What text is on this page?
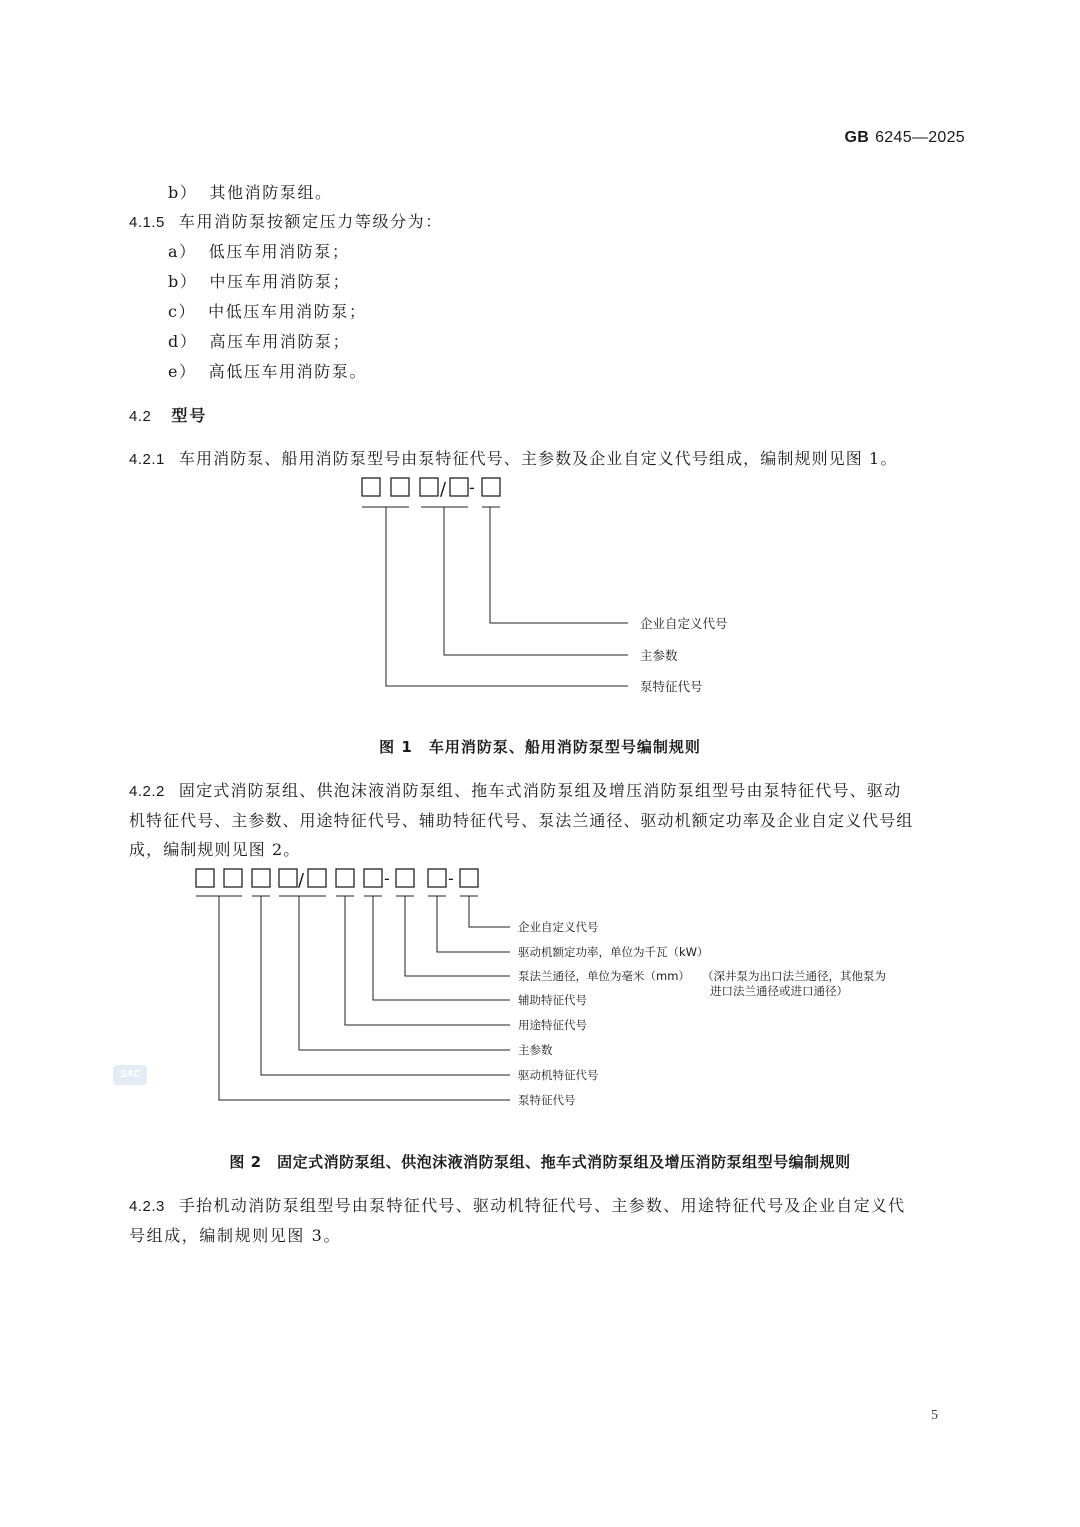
GB 6245—2025
b） 其他消防泵组。
4.1.5 车用消防泵按额定压力等级分为：
a） 低压车用消防泵；
b） 中压车用消防泵；
c） 中低压车用消防泵；
d） 高压车用消防泵；
e） 高低压车用消防泵。
4.2 型号
4.2.1 车用消防泵、船用消防泵型号由泵特征代号、主参数及企业自定义代号组成，编制规则见图 1。
/ -
企业自定义代号
主参数
泵特征代号
图 1　车用消防泵、船用消防泵型号编制规则
4.2.2 固定式消防泵组、供泡沫液消防泵组、拖车式消防泵组及增压消防泵组型号由泵特征代号、驱动
机特征代号、主参数、用途特征代号、辅助特征代号、泵法兰通径、驱动机额定功率及企业自定义代号组
成，编制规则见图 2。
/	-	-
企业自定义代号
驱动机额定功率，单位为千瓦（kW）
泵法兰通径，单位为毫米（mm） （深井泵为出口法兰通径，其他泵为
进口法兰通径或进口通径）
辅助特征代号
用途特征代号
主参数
驱动机特征代号
泵特征代号
SAC
图 2　固定式消防泵组、供泡沫液消防泵组、拖车式消防泵组及增压消防泵组型号编制规则
4.2.3 手抬机动消防泵组型号由泵特征代号、驱动机特征代号、主参数、用途特征代号及企业自定义代
号组成，编制规则见图 3。
5
